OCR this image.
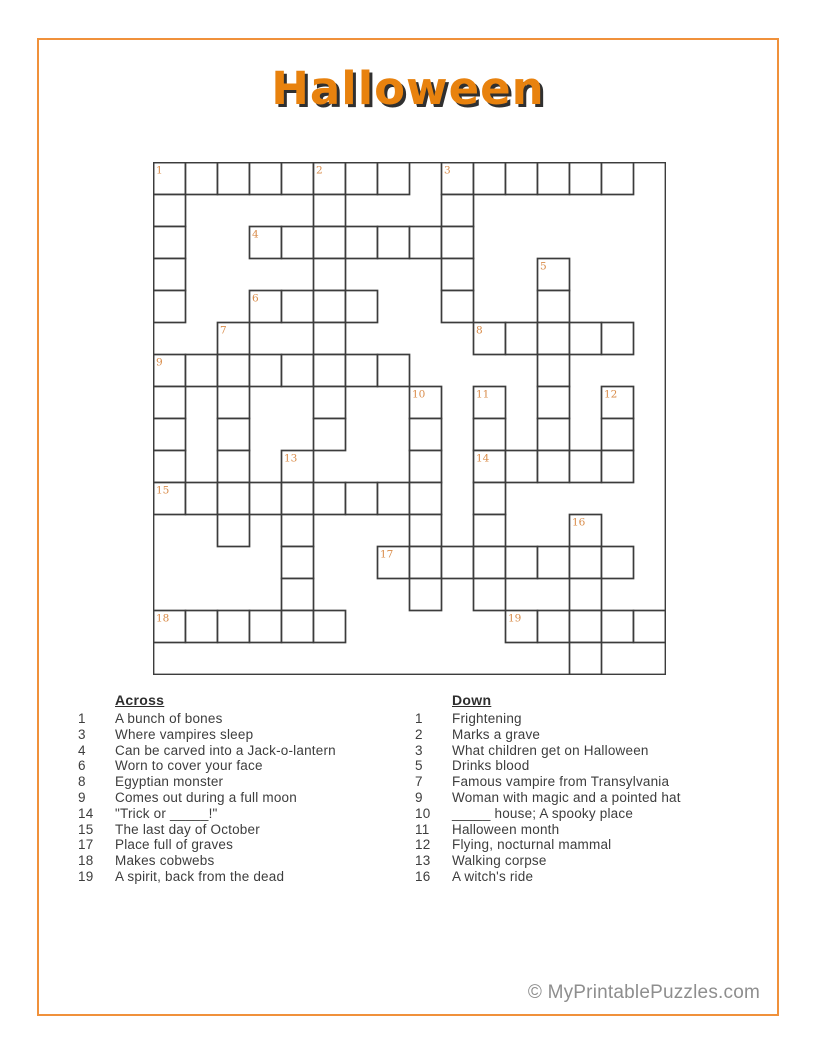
Halloween
1	2	3
4
5
6
7	8
9
10	11	12
13	14
15
16
17
18	19
Across
1	A bunch of bones
3	Where vampires sleep
4	Can be carved into a Jack-o-lantern
6	Worn to cover your face
8	Egyptian monster
9	Comes out during a full moon
14	"Trick or _____!"
15	The last day of October
17	Place full of graves
18	Makes cobwebs
19	A spirit, back from the dead
Down
1	Frightening
2	Marks a grave
3	What children get on Halloween
5	Drinks blood
7	Famous vampire from Transylvania
9	Woman with magic and a pointed hat
10	_____ house; A spooky place
11	Halloween month
12	Flying, nocturnal mammal
13	Walking corpse
16	A witch's ride
© MyPrintablePuzzles.com
